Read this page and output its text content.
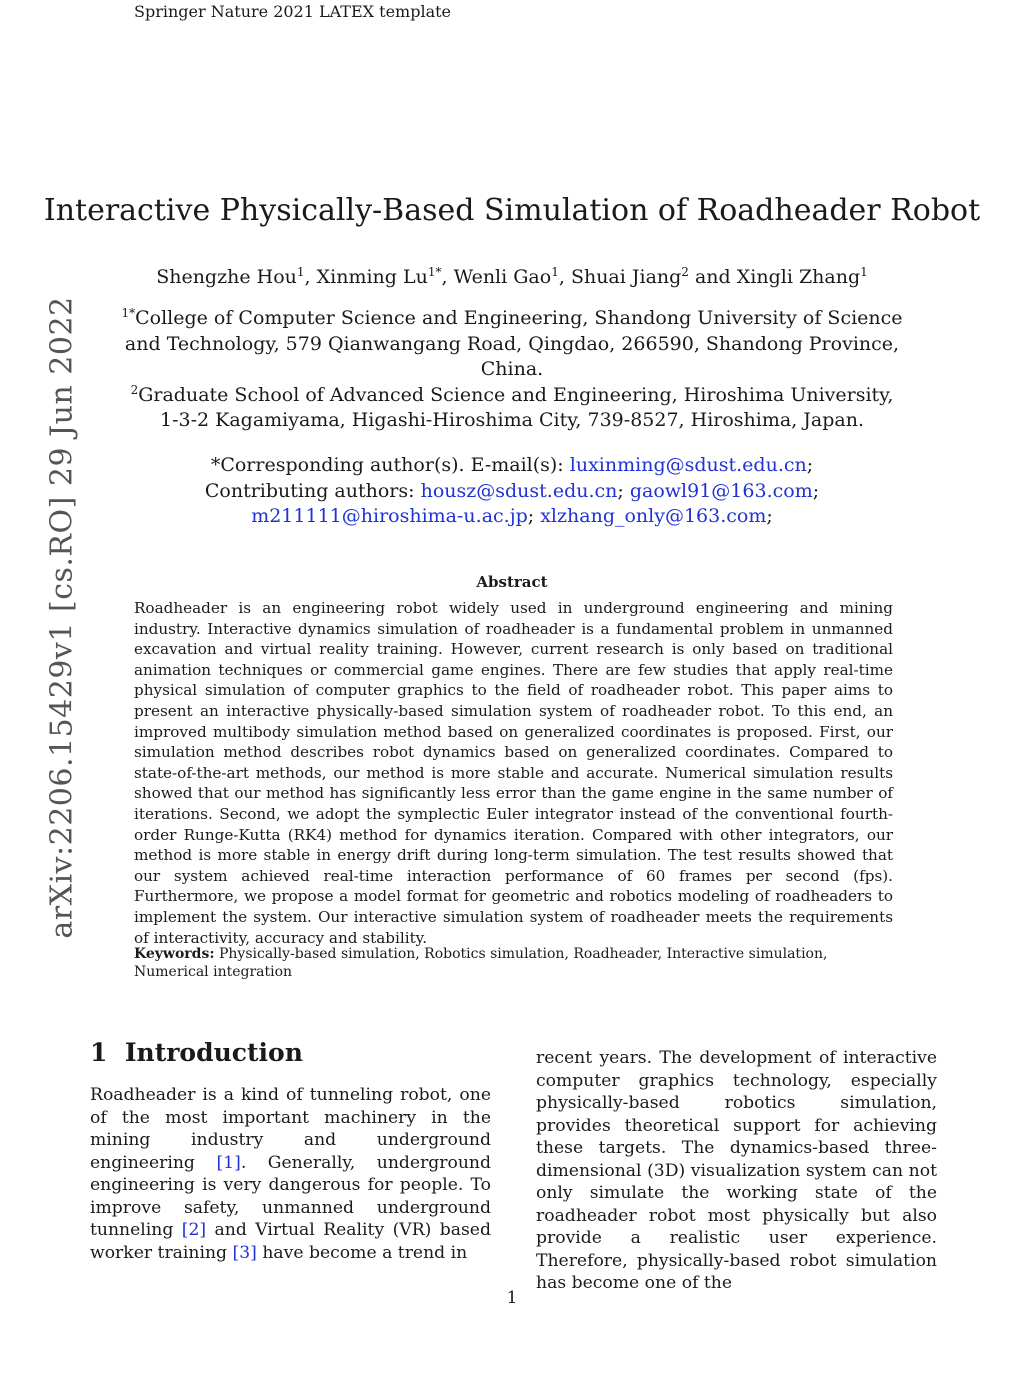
Springer Nature 2021 LATEX template
arXiv:2206.15429v1 [cs.RO] 29 Jun 2022
Interactive Physically-Based Simulation of Roadheader Robot
Shengzhe Hou$^1$, Xinming $Lu^{1*}$, Wenli Gao$^1$, Shuai Jiang$^2$ and Xingli Zhang$^1$
$^{1*}$College of Computer Science and Engineering, Shandong University of Science and Technology, 579 Qianwangang Road, Qingdao, 266590, Shandong Province, China.
$^2$Graduate School of Advanced Science and Engineering, Hiroshima University, 1-3-2 Kagamiyama, Higashi-Hiroshima City, 739-8527, Hiroshima, Japan.
*Corresponding author(s). E-mail(s): luxinming@sdust.edu.cn;
Contributing authors: housz@sdust.edu.cn; gaowl91@163.com;
m211111@hiroshima-u.ac.jp; xlzhang_only@163.com;
Abstract
Roadheader is an engineering robot widely used in underground engineering and mining industry. Interactive dynamics simulation of roadheader is a fundamental problem in unmanned excavation and virtual reality training. However, current research is only based on traditional animation techniques or commercial game engines. There are few studies that apply real-time physical simulation of computer graphics to the field of roadheader robot. This paper aims to present an interactive physically-based simulation system of roadheader robot. To this end, an improved multibody simulation method based on generalized coordinates is proposed. First, our simulation method describes robot dynamics based on generalized coordinates. Compared to state-of-the-art methods, our method is more stable and accurate. Numerical simulation results showed that our method has significantly less error than the game engine in the same number of iterations. Second, we adopt the symplectic Euler integrator instead of the conventional fourth-order Runge-Kutta (RK4) method for dynamics iteration. Compared with other integrators, our method is more stable in energy drift during long-term simulation. The test results showed that our system achieved real-time interaction performance of 60 frames per second (fps). Furthermore, we propose a model format for geometric and robotics modeling of roadheaders to implement the system. Our interactive simulation system of roadheader meets the requirements of interactivity, accuracy and stability.
Keywords: Physically-based simulation, Robotics simulation, Roadheader, Interactive simulation, Numerical integration
1 Introduction
Roadheader is a kind of tunneling robot, one of the most important machinery in the mining industry and underground engineering [1]. Generally, underground engineering is very dangerous for people. To improve safety, unmanned underground tunneling [2] and Virtual Reality (VR) based worker training [3] have become a trend in
recent years. The development of interactive computer graphics technology, especially physically-based robotics simulation, provides theoretical support for achieving these targets. The dynamics-based three-dimensional (3D) visualization system can not only simulate the working state of the roadheader robot most physically but also provide a realistic user experience. Therefore, physically-based robot simulation has become one of the
1
